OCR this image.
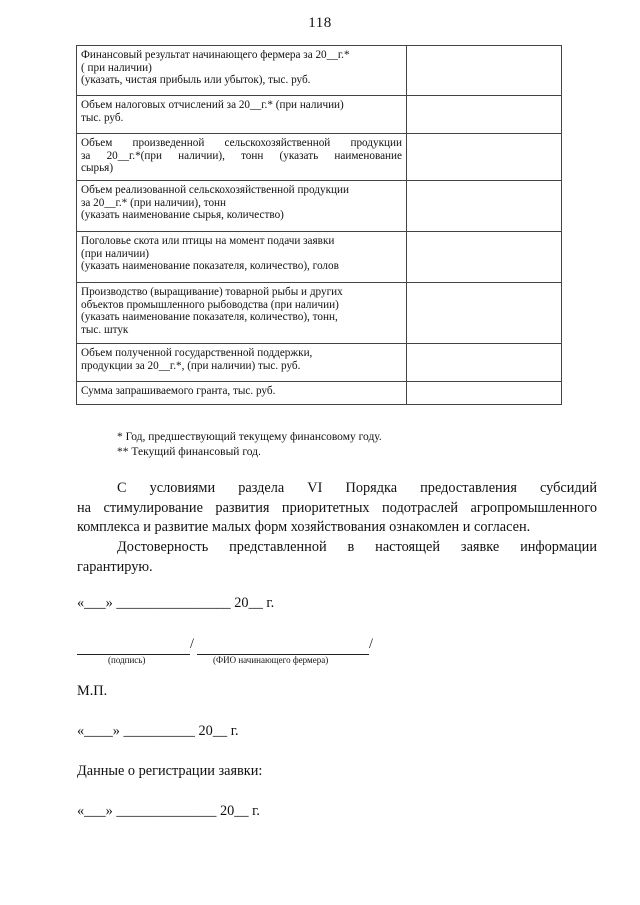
118
Финансовый результат начинающего фермера за 20__г.*
( при наличии)
(указать, чистая прибыль или убыток), тыс. руб.	

Объем налоговых отчислений за 20__г.* (при наличии)
тыс. руб.	

Объем произведенной сельскохозяйственной продукции
за 20__г.*(при наличии), тонн (указать наименование
сырья)	

Объем реализованной сельскохозяйственной продукции
за 20__г.* (при наличии), тонн
(указать наименование сырья, количество)	

Поголовье скота или птицы на момент подачи заявки
(при наличии)
(указать наименование показателя, количество), голов	

Производство (выращивание) товарной рыбы и других
объектов промышленного рыбоводства (при наличии)
(указать наименование показателя, количество), тонн,
тыс. штук	

Объем полученной государственной поддержки,
продукции за 20__г.*, (при наличии) тыс. руб.	

Сумма запрашиваемого гранта, тыс. руб.	

* Год, предшествующий текущему финансовому году.
** Текущий финансовый год.
С условиями раздела VI Порядка предоставления субсидий
на стимулирование развития приоритетных подотраслей агропромышленного
комплекса и развитие малых форм хозяйствования ознакомлен и согласен.
Достоверность представленной в настоящей заявке информации
гарантирую.
«___» ________________ 20__ г.
/	/
(подпись)	(ФИО начинающего фермера)
М.П.
«____» __________ 20__ г.
Данные о регистрации заявки:
«___» ______________ 20__ г.
